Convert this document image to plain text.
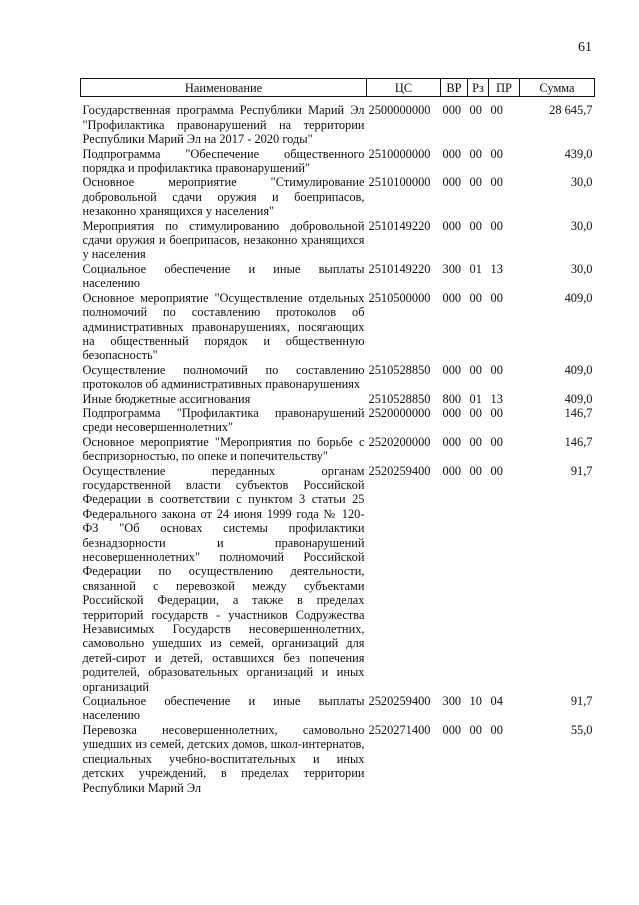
61
Наименование	ЦС	ВР	Рз	ПР	Сумма

Государственная программа Республики Марий Эл "Профилактика правонарушений на территории Республики Марий Эл на 2017 - 2020 годы"	2500000000	000	00	00	28 645,7
Подпрограмма "Обеспечение общественного порядка и профилактика правонарушений"	2510000000	000	00	00	439,0
Основное мероприятие "Стимулирование добровольной сдачи оружия и боеприпасов, незаконно хранящихся у населения"	2510100000	000	00	00	30,0
Мероприятия по стимулированию добровольной сдачи оружия и боеприпасов, незаконно хранящихся у населения	2510149220	000	00	00	30,0
Социальное обеспечение и иные выплаты населению	2510149220	300	01	13	30,0
Основное мероприятие "Осуществление отдельных полномочий по составлению протоколов об административных правонарушениях, посягающих на общественный порядок и общественную безопасность"	2510500000	000	00	00	409,0
Осуществление полномочий по составлению протоколов об административных правонарушениях	2510528850	000	00	00	409,0
Иные бюджетные ассигнования	2510528850	800	01	13	409,0
Подпрограмма "Профилактика правонарушений среди несовершеннолетних"	2520000000	000	00	00	146,7
Основное мероприятие "Мероприятия по борьбе с беспризорностью, по опеке и попечительству"	2520200000	000	00	00	146,7
Осуществление переданных органам государственной власти субъектов Российской Федерации в соответствии с пунктом 3 статьи 25 Федерального закона от 24 июня 1999 года № 120-ФЗ "Об основах системы профилактики безнадзорности и правонарушений несовершеннолетних" полномочий Российской Федерации по осуществлению деятельности, связанной с перевозкой между субъектами Российской Федерации, а также в пределах территорий государств - участников Содружества Независимых Государств несовершеннолетних, самовольно ушедших из семей, организаций для детей-сирот и детей, оставшихся без попечения родителей, образовательных организаций и иных организаций	2520259400	000	00	00	91,7
Социальное обеспечение и иные выплаты населению	2520259400	300	10	04	91,7
Перевозка несовершеннолетних, самовольно ушедших из семей, детских домов, школ-интернатов, специальных учебно-воспитательных и иных детских учреждений, в пределах территории Республики Марий Эл	2520271400	000	00	00	55,0
